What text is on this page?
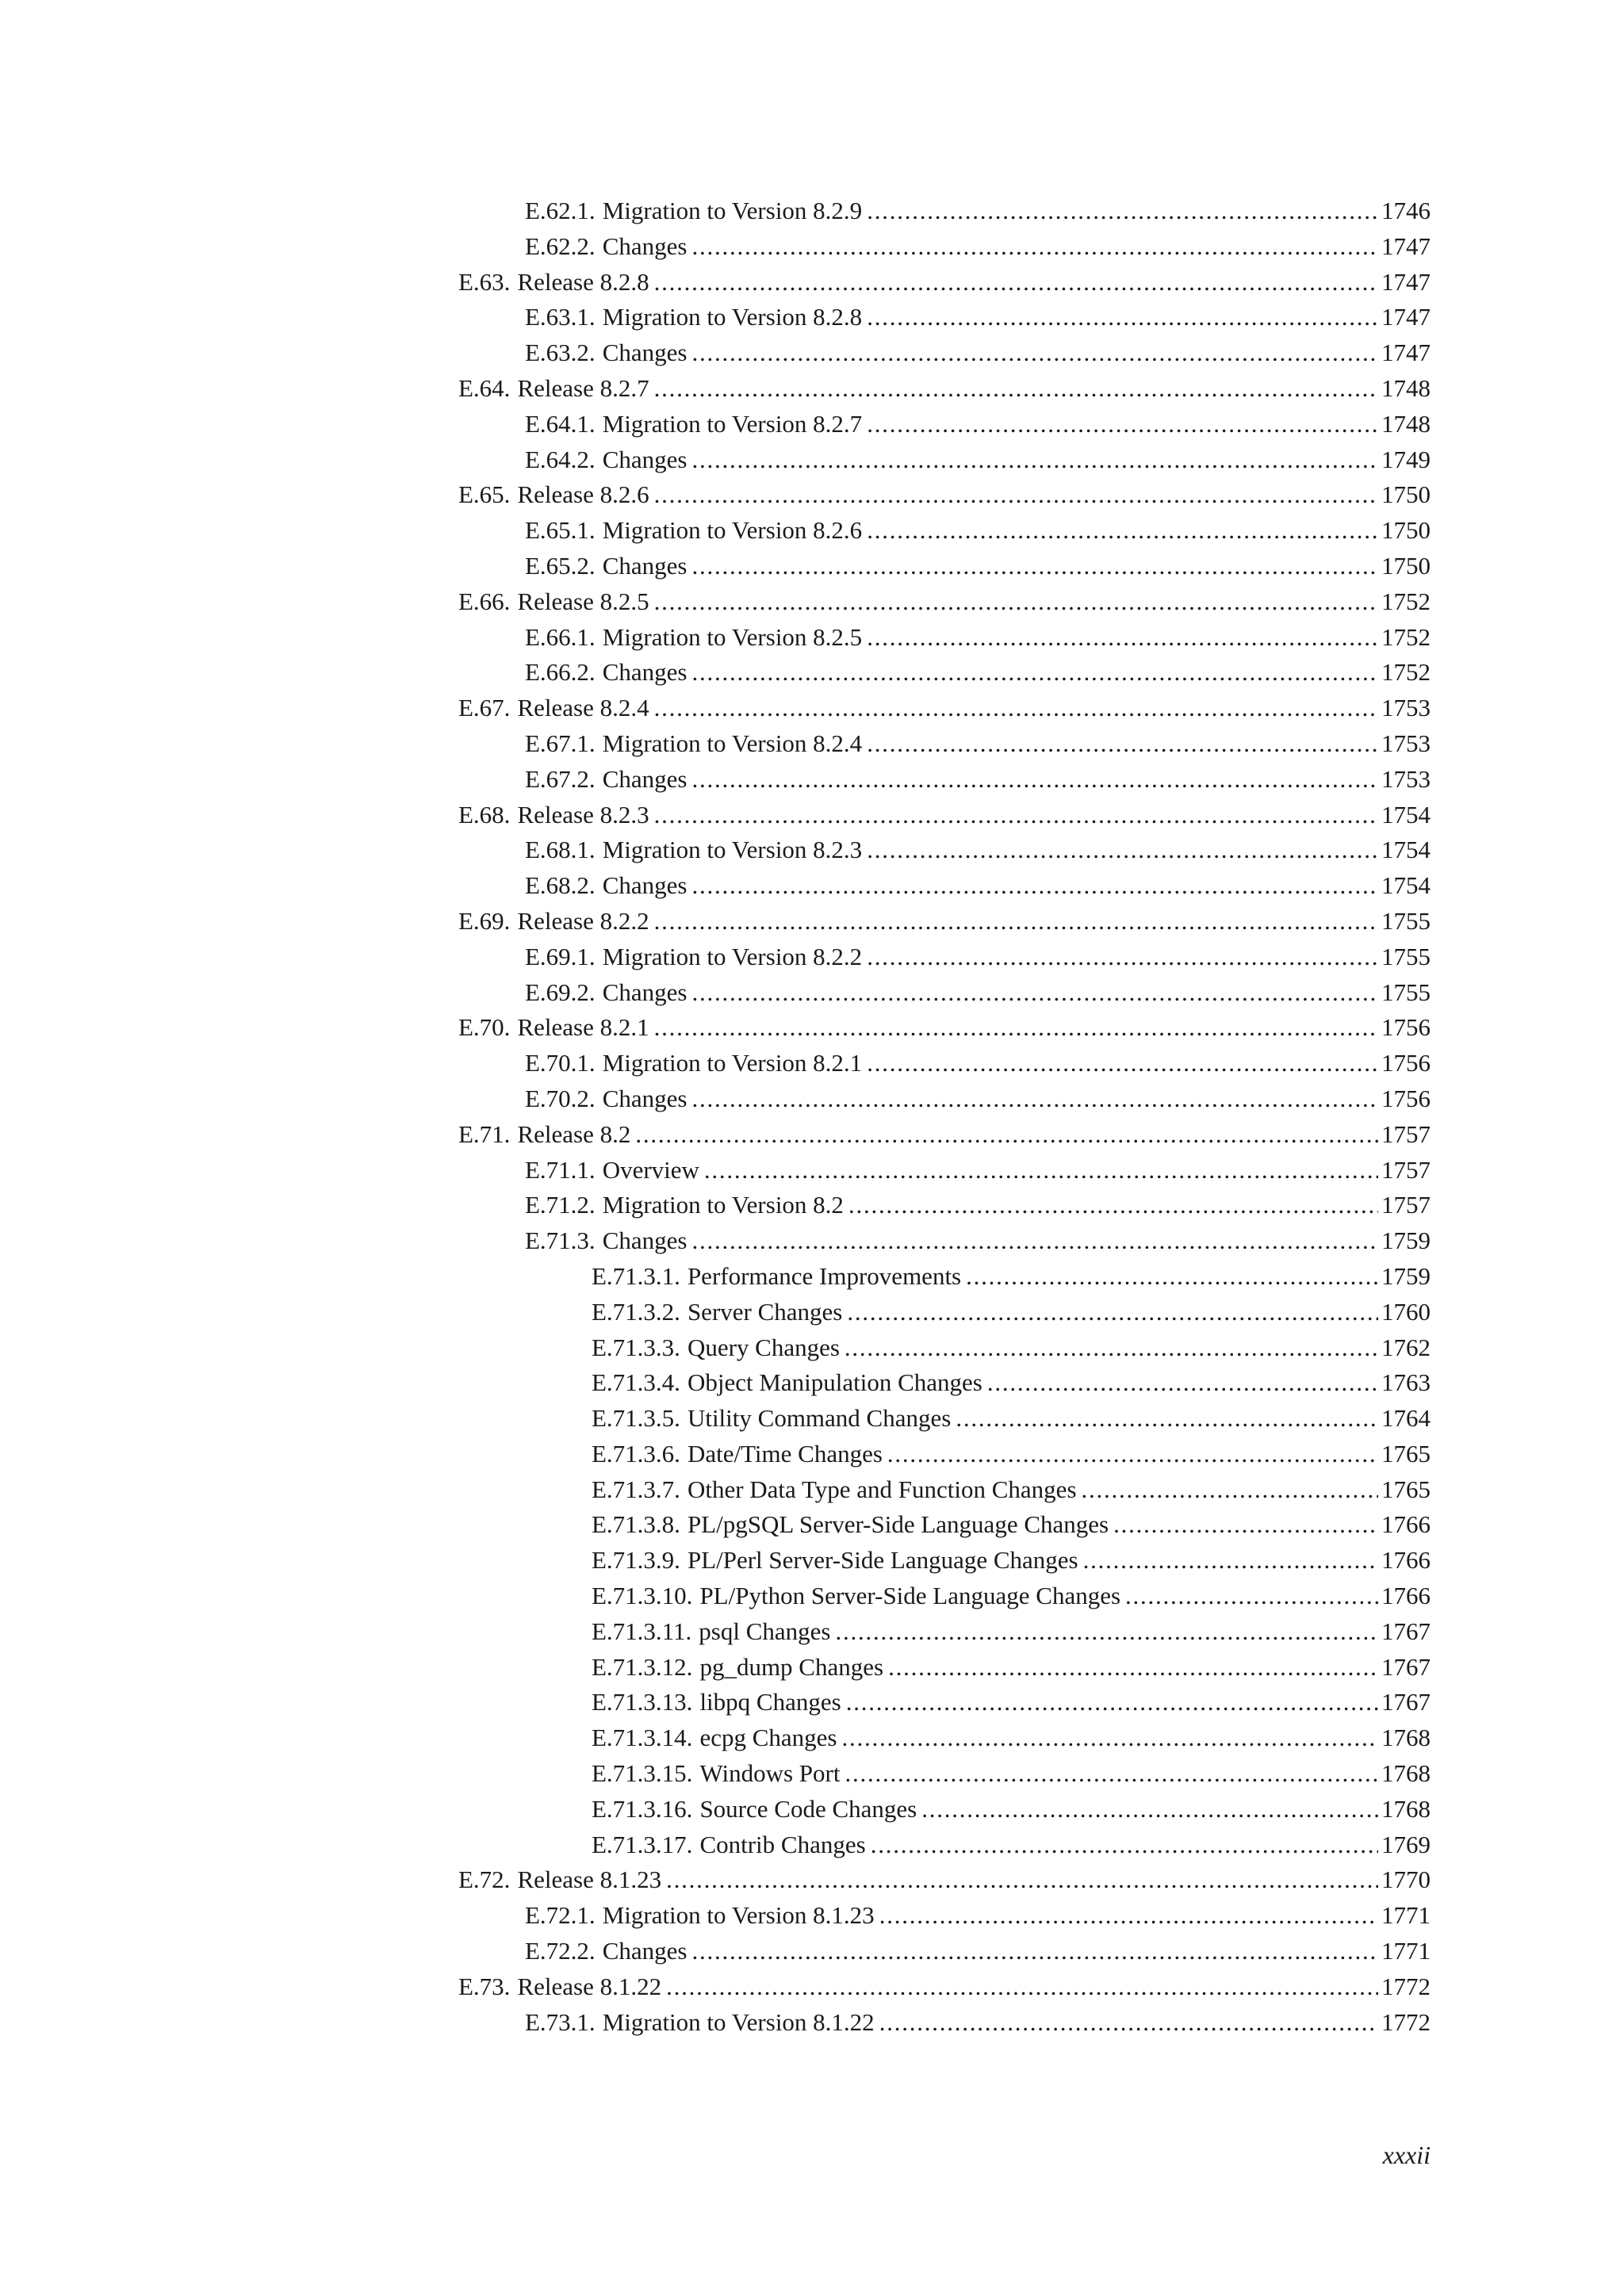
E.62.1. Migration to Version 8.2.9 . . .	1746
E.62.2. Changes . . .	1747
E.63. Release 8.2.8 . . .	1747
E.63.1. Migration to Version 8.2.8 . . .	1747
E.63.2. Changes . . .	1747
E.64. Release 8.2.7 . . .	1748
E.64.1. Migration to Version 8.2.7 . . .	1748
E.64.2. Changes . . .	1749
E.65. Release 8.2.6 . . .	1750
E.65.1. Migration to Version 8.2.6 . . .	1750
E.65.2. Changes . . .	1750
E.66. Release 8.2.5 . . .	1752
E.66.1. Migration to Version 8.2.5 . . .	1752
E.66.2. Changes . . .	1752
E.67. Release 8.2.4 . . .	1753
E.67.1. Migration to Version 8.2.4 . . .	1753
E.67.2. Changes . . .	1753
E.68. Release 8.2.3 . . .	1754
E.68.1. Migration to Version 8.2.3 . . .	1754
E.68.2. Changes . . .	1754
E.69. Release 8.2.2 . . .	1755
E.69.1. Migration to Version 8.2.2 . . .	1755
E.69.2. Changes . . .	1755
E.70. Release 8.2.1 . . .	1756
E.70.1. Migration to Version 8.2.1 . . .	1756
E.70.2. Changes . . .	1756
E.71. Release 8.2 . . .	1757
E.71.1. Overview . . .	1757
E.71.2. Migration to Version 8.2 . . .	1757
E.71.3. Changes . . .	1759
E.71.3.1. Performance Improvements . . .	1759
E.71.3.2. Server Changes . . .	1760
E.71.3.3. Query Changes . . .	1762
E.71.3.4. Object Manipulation Changes . . .	1763
E.71.3.5. Utility Command Changes . . .	1764
E.71.3.6. Date/Time Changes . . .	1765
E.71.3.7. Other Data Type and Function Changes . . .	1765
E.71.3.8. PL/pgSQL Server-Side Language Changes . . .	1766
E.71.3.9. PL/Perl Server-Side Language Changes . . .	1766
E.71.3.10. PL/Python Server-Side Language Changes . . .	1766
E.71.3.11. psql Changes . . .	1767
E.71.3.12. pg_dump Changes . . .	1767
E.71.3.13. libpq Changes . . .	1767
E.71.3.14. ecpg Changes . . .	1768
E.71.3.15. Windows Port . . .	1768
E.71.3.16. Source Code Changes . . .	1768
E.71.3.17. Contrib Changes . . .	1769
E.72. Release 8.1.23 . . .	1770
E.72.1. Migration to Version 8.1.23 . . .	1771
E.72.2. Changes . . .	1771
E.73. Release 8.1.22 . . .	1772
E.73.1. Migration to Version 8.1.22 . . .	1772
xxxii
